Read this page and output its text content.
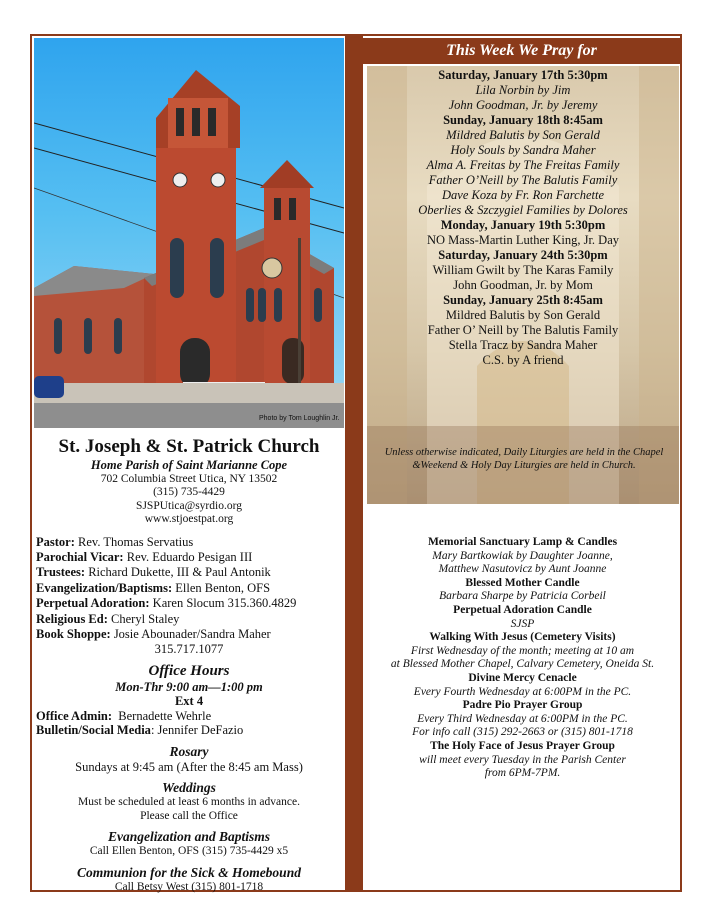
Photo by Tom Loughlin Jr.
St. Joseph & St. Patrick Church
Home Parish of Saint Marianne Cope
702 Columbia Street Utica, NY 13502
(315) 735-4429
SJSPUtica@syrdio.org
www.stjoestpat.org
Pastor: Rev. Thomas Servatius
Parochial Vicar: Rev. Eduardo Pesigan III
Trustees: Richard Dukette, III & Paul Antonik
Evangelization/Baptisms: Ellen Benton, OFS
Perpetual Adoration: Karen Slocum 315.360.4829
Religious Ed: Cheryl Staley
Book Shoppe: Josie Abounader/Sandra Maher
315.717.1077
Office Hours
Mon-Thr 9:00 am—1:00 pm
Ext 4
Office Admin: Bernadette Wehrle
Bulletin/Social Media: Jennifer DeFazio
Rosary
Sundays at 9:45 am (After the 8:45 am Mass)
Weddings
Must be scheduled at least 6 months in advance.
Please call the Office
Evangelization and Baptisms
Call Ellen Benton, OFS (315) 735-4429 x5
Communion for the Sick & Homebound
Call Betsy West (315) 801-1718
This Week We Pray for
Saturday, January 17th 5:30pm
Lila Norbin by Jim
John Goodman, Jr. by Jeremy
Sunday, January 18th 8:45am
Mildred Balutis by Son Gerald
Holy Souls by Sandra Maher
Alma A. Freitas by The Freitas Family
Father O’Neill by The Balutis Family
Dave Koza by Fr. Ron Farchette
Oberlies & Szczygiel Families by Dolores
Monday, January 19th 5:30pm
NO Mass-Martin Luther King, Jr. Day
Saturday, January 24th 5:30pm
William Gwilt by The Karas Family
John Goodman, Jr. by Mom
Sunday, January 25th 8:45am
Mildred Balutis by Son Gerald
Father O’ Neill by The Balutis Family
Stella Tracz by Sandra Maher
C.S. by A friend
Unless otherwise indicated, Daily Liturgies are held in the Chapel &Weekend & Holy Day Liturgies are held in Church.
Memorial Sanctuary Lamp & Candles
Mary Bartkowiak by Daughter Joanne,
Matthew Nasutovicz by Aunt Joanne
Blessed Mother Candle
Barbara Sharpe by Patricia Corbeil
Perpetual Adoration Candle
SJSP
Walking With Jesus (Cemetery Visits)
First Wednesday of the month; meeting at 10 am
at Blessed Mother Chapel, Calvary Cemetery, Oneida St.
Divine Mercy Cenacle
Every Fourth Wednesday at 6:00PM in the PC.
Padre Pio Prayer Group
Every Third Wednesday at 6:00PM in the PC.
For info call (315) 292-2663 or (315) 801-1718
The Holy Face of Jesus Prayer Group
will meet every Tuesday in the Parish Center
from 6PM-7PM.
